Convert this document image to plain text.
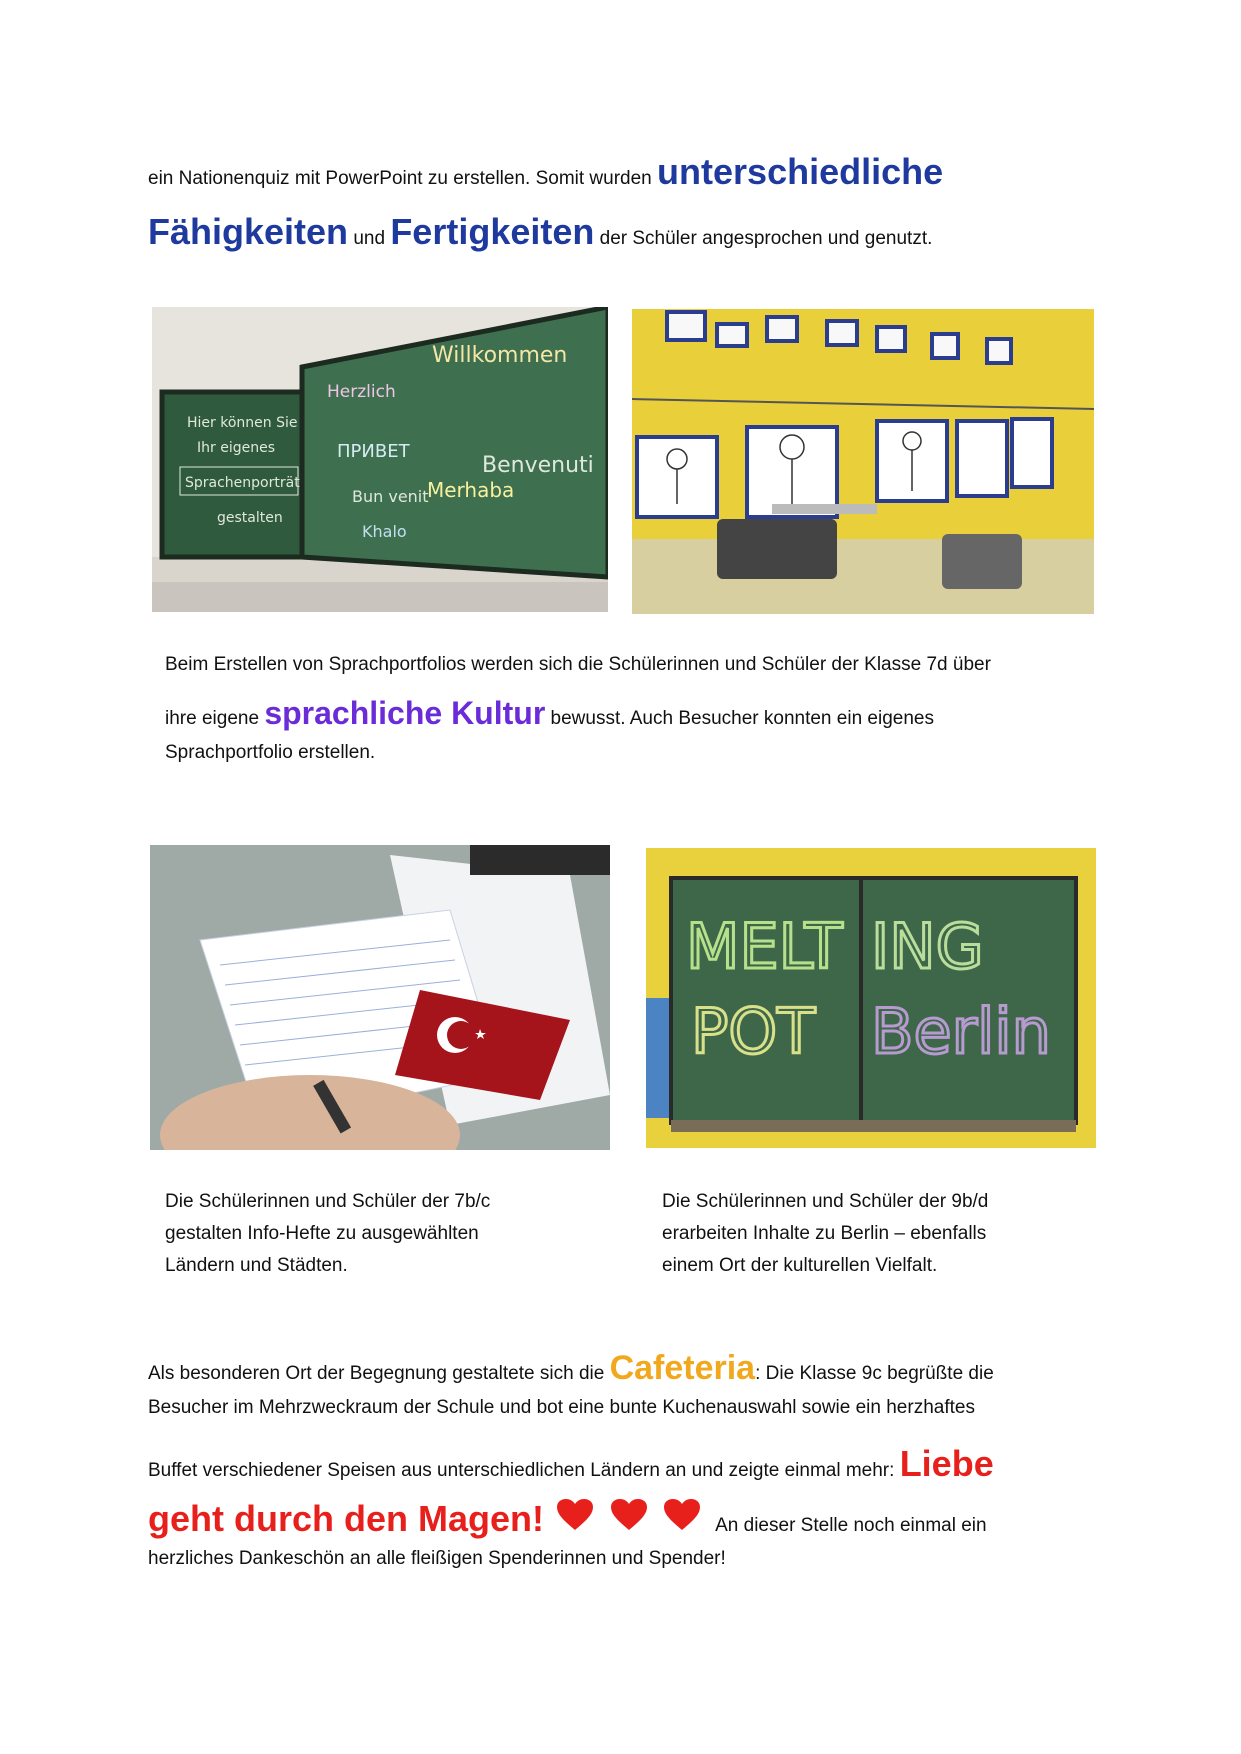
ein Nationenquiz mit PowerPoint zu erstellen. Somit wurden unterschiedliche
Fähigkeiten und Fertigkeiten der Schüler angesprochen und genutzt.
Hier können Sie
Ihr eigenes
Sprachenporträt
gestalten
Herzlich
Willkommen
ПРИВЕТ
Benvenuti
Bun venit
Merhaba
Khalo
Beim Erstellen von Sprachportfolios werden sich die Schülerinnen und Schüler der Klasse 7d über
ihre eigene sprachliche Kultur bewusst. Auch Besucher konnten ein eigenes
Sprachportfolio erstellen.
MELT ING
POT Berlin
Die Schülerinnen und Schüler der 7b/c
gestalten Info-Hefte zu ausgewählten
Ländern und Städten.
Die Schülerinnen und Schüler der 9b/d
erarbeiten Inhalte zu Berlin – ebenfalls
einem Ort der kulturellen Vielfalt.
Als besonderen Ort der Begegnung gestaltete sich die Cafeteria: Die Klasse 9c begrüßte die
Besucher im Mehrzweckraum der Schule und bot eine bunte Kuchenauswahl sowie ein herzhaftes
Buffet verschiedener Speisen aus unterschiedlichen Ländern an und zeigte einmal mehr: Liebe
geht durch den Magen!	An dieser Stelle noch einmal ein
herzliches Dankeschön an alle fleißigen Spenderinnen und Spender!
